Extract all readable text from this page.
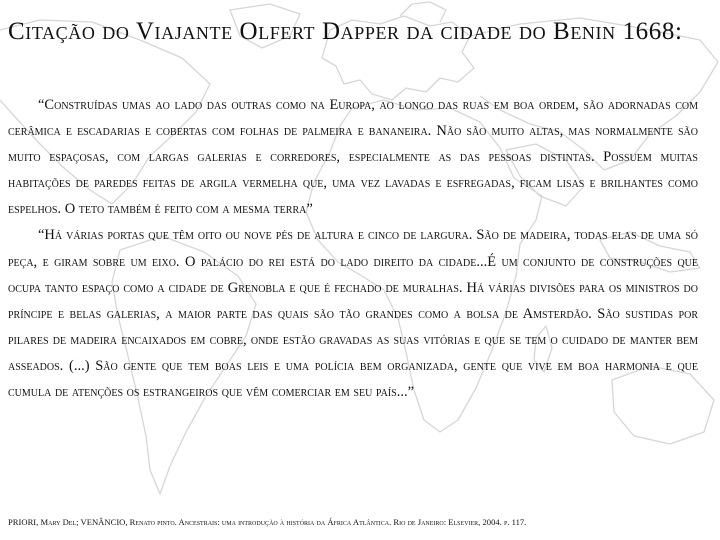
Citação do Viajante Olfert Dapper da cidade do Benin 1668:

“Construídas umas ao lado das outras como na Europa, ao longo das ruas em boa ordem, são adornadas com cerâmica e escadarias e cobertas com folhas de palmeira e bananeira. Não são muito altas, mas normalmente são muito espaçosas, com largas galerias e corredores, especialmente as das pessoas distintas. Possuem muitas habitações de paredes feitas de argila vermelha que, uma vez lavadas e esfregadas, ficam lisas e brilhantes como espelhos. O teto também é feito com a mesma terra”

“Há várias portas que têm oito ou nove pés de altura e cinco de largura. São de madeira, todas elas de uma só peça, e giram sobre um eixo. O palácio do rei está do lado direito da cidade...É um conjunto de construções que ocupa tanto espaço como a cidade de Grenobla e que é fechado de muralhas. Há várias divisões para os ministros do príncipe e belas galerias, a maior parte das quais são tão grandes como a bolsa de Amsterdão. São sustidas por pilares de madeira encaixados em cobre, onde estão gravadas as suas vitórias e que se tem o cuidado de manter bem asseados. (...) São gente que tem boas leis e uma polícia bem organizada, gente que vive em boa harmonia e que cumula de atenções os estrangeiros que vêm comerciar em seu país...”

PRIORI, Mary Del; VENÂNCIO, Renato pinto. Ancestrais: uma introdução à história da África Atlântica. Rio de Janeiro: Elsevier, 2004. p. 117.
